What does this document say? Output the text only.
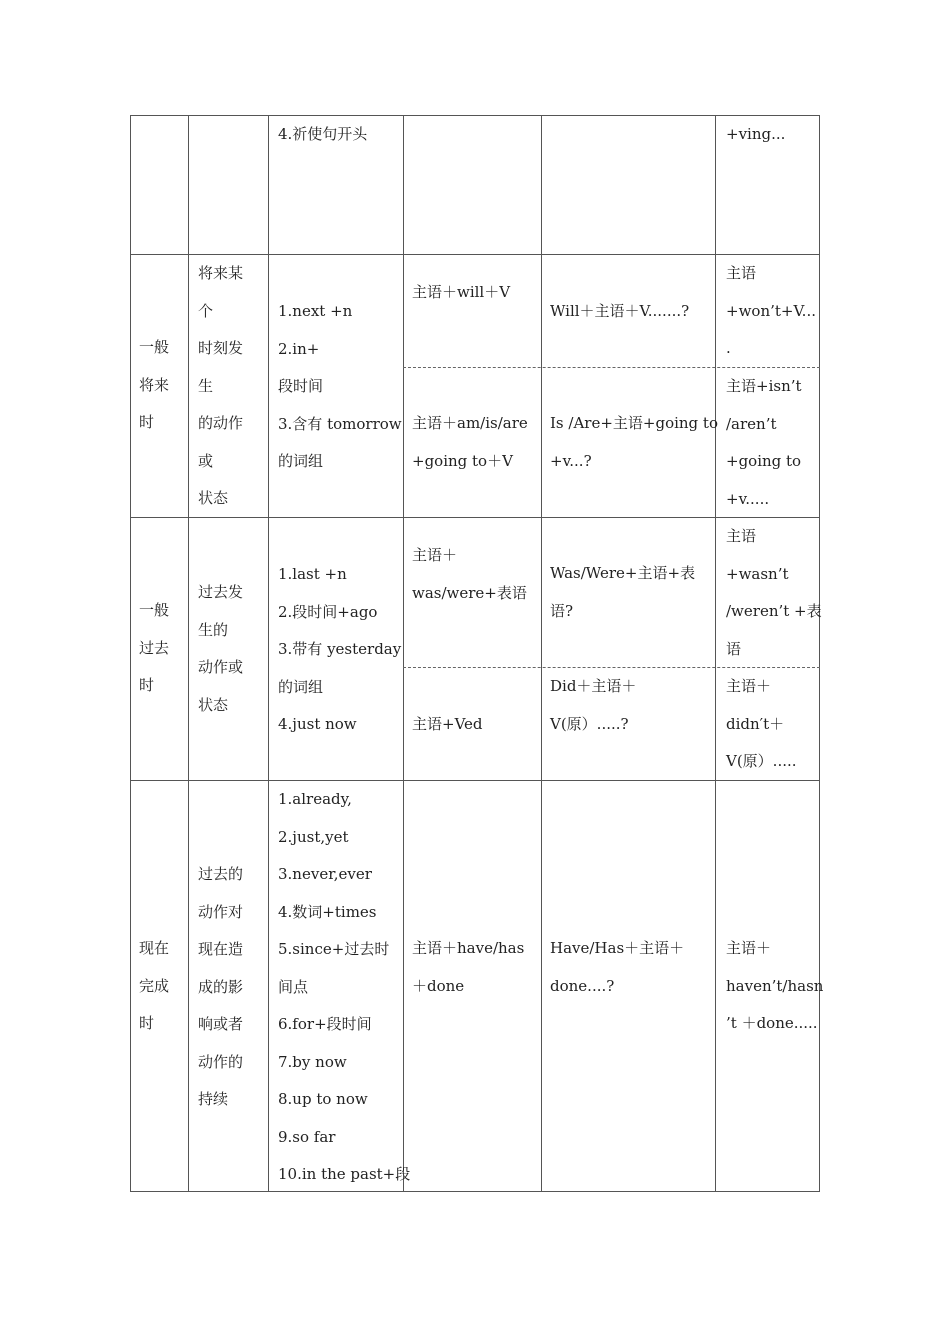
4.祈使句开头	+ving...
一般
将来
时
将来某
个
时刻发
生
的动作
或
状态
1.next +n
2.in+
段时间
3.含有 tomorrow
的词组
主语＋will＋V
Will＋主语＋V.......?
主语
+won’t+V...
.
主语＋am/is/are
+going to＋V
Is /Are+主语+going to
+v...?
主语+isn’t
/aren’t
+going to
+v.....
一般
过去
时
过去发
生的
动作或
状态
1.last +n
2.段时间+ago
3.带有 yesterday
的词组
4.just now
主语＋
was/were+表语
Was/Were+主语+表
语?
主语
+wasn’t
/weren’t +表
语
主语+Ved
Did＋主语＋
V(原）.....?
主语＋
didn′t＋
V(原）.....
现在
完成
时
过去的
动作对
现在造
成的影
响或者
动作的
持续
1.already,
2.just,yet
3.never,ever
4.数词+times
5.since+过去时
间点
6.for+段时间
7.by now
8.up to now
9.so far
10.in the past+段
主语＋have/has
＋done
Have/Has＋主语＋
done....?
主语＋
haven’t/hasn
’t ＋done.....
